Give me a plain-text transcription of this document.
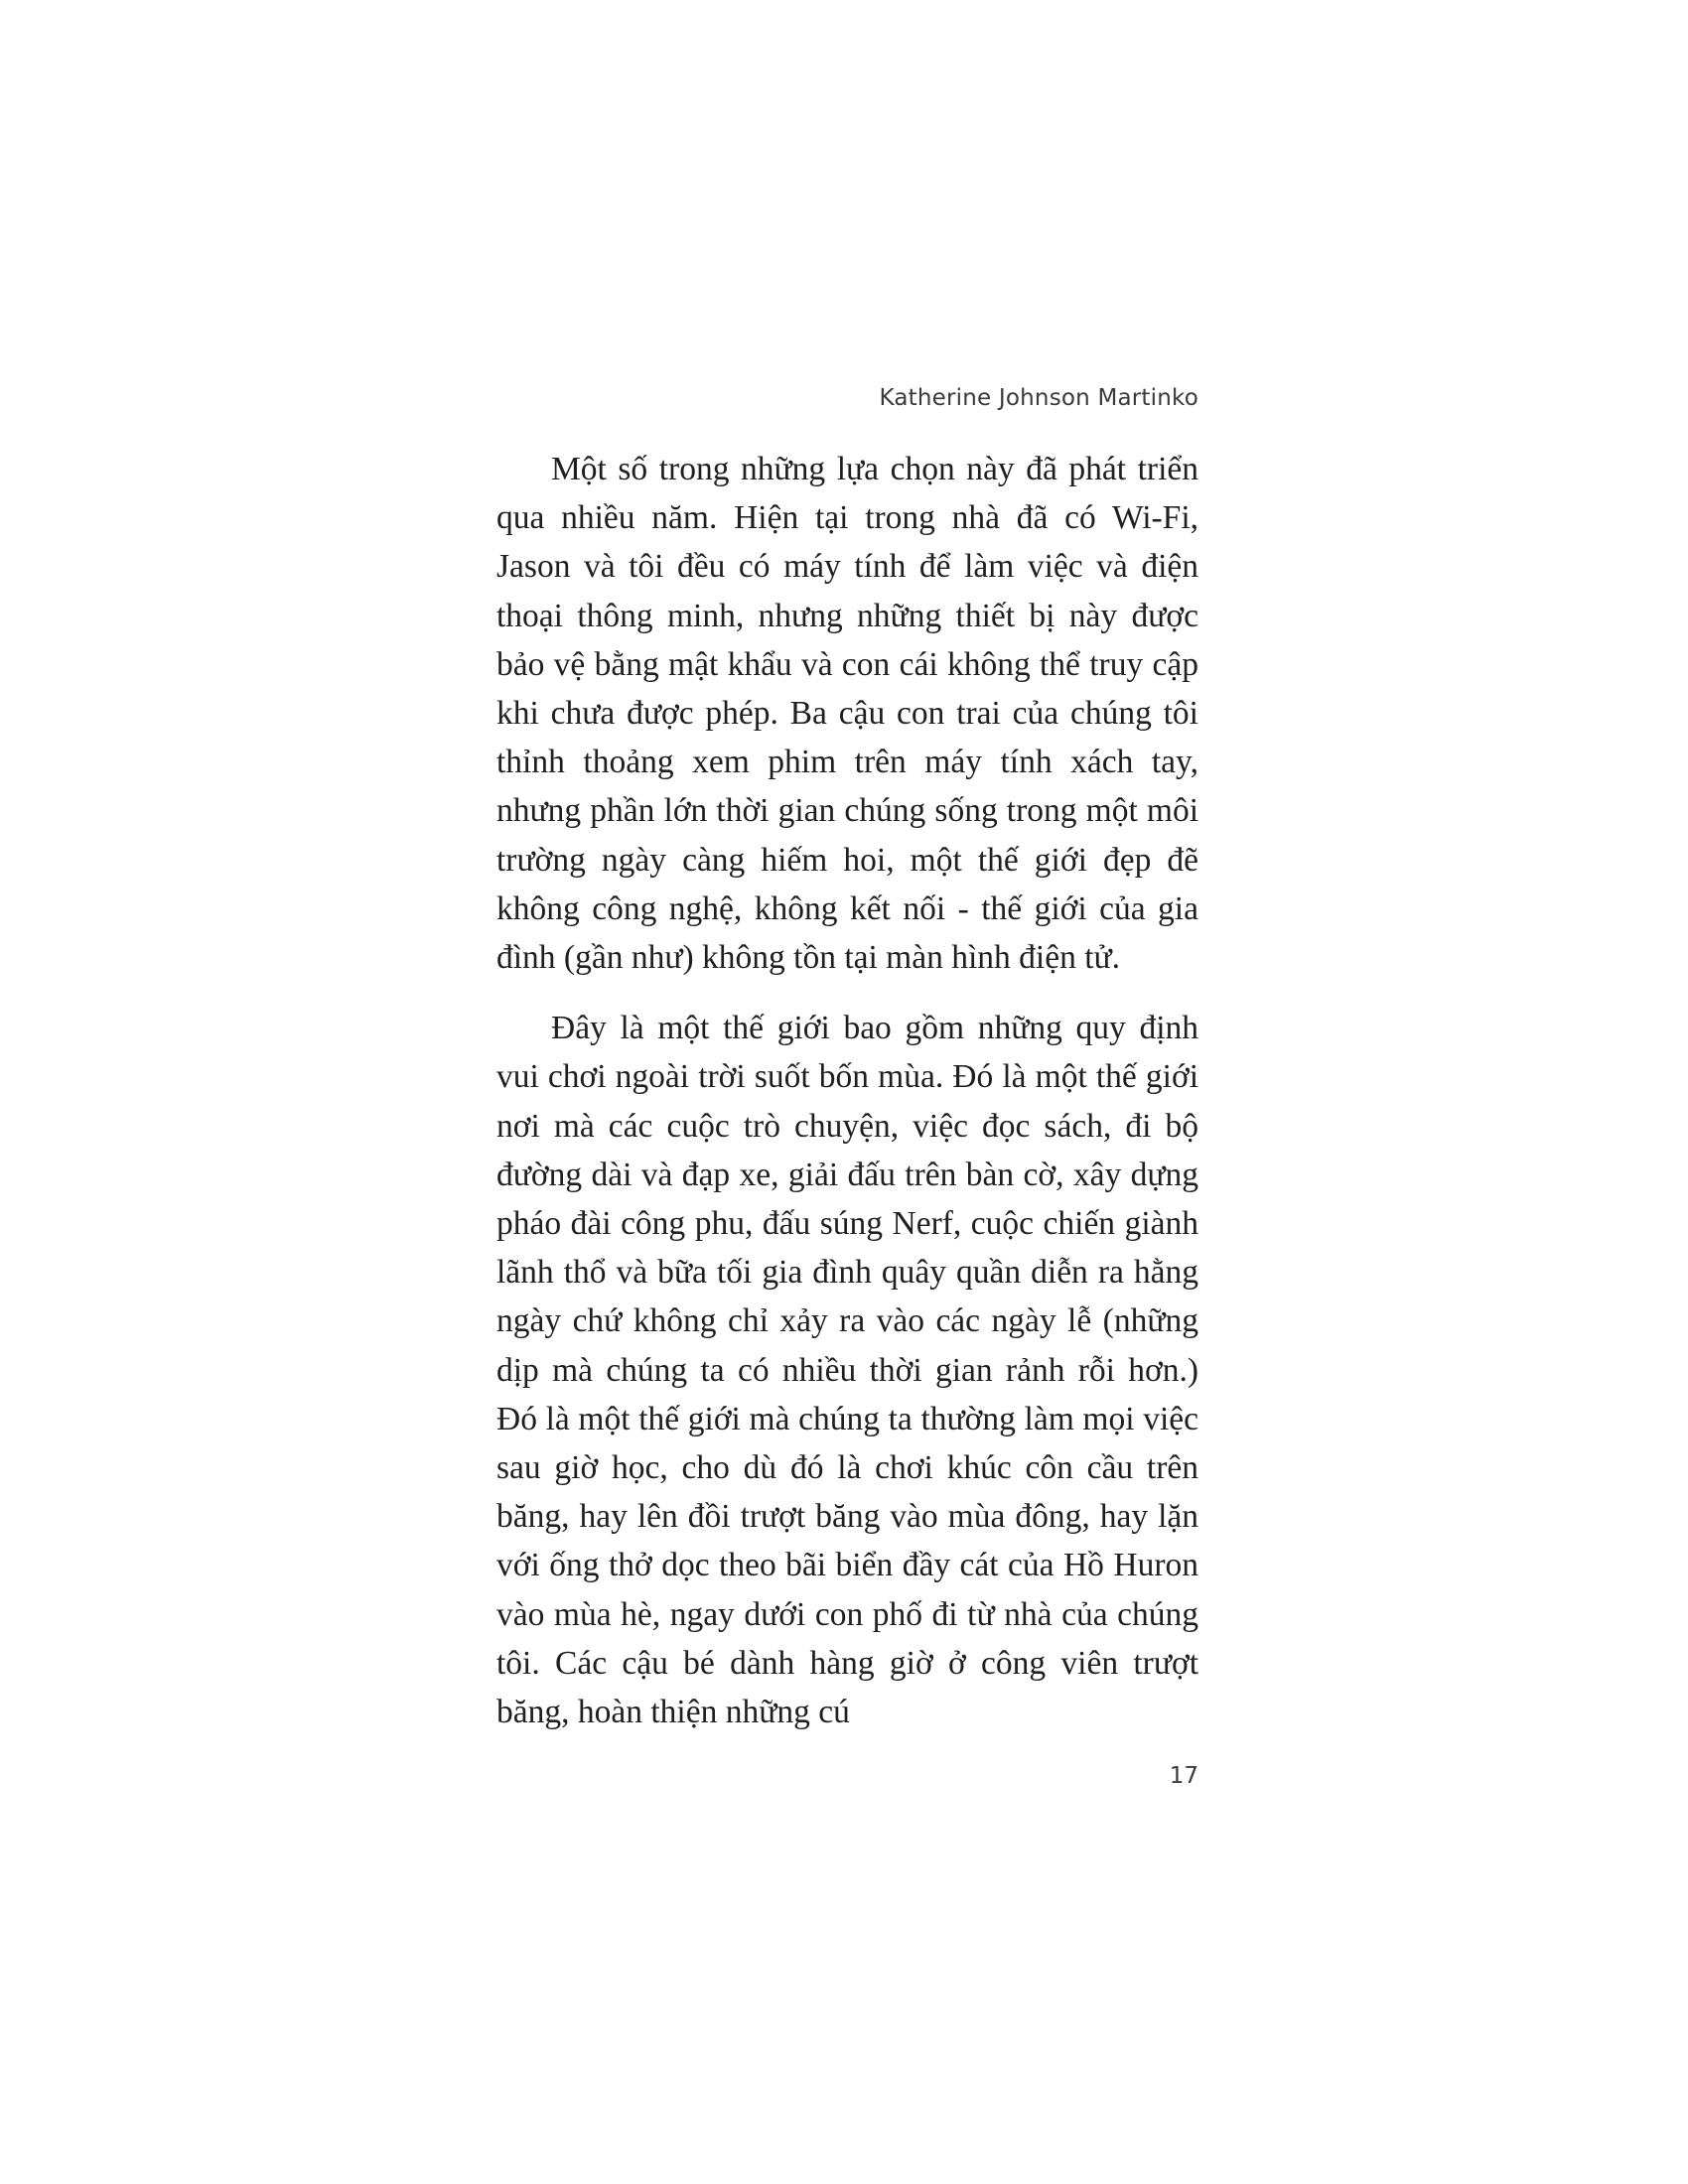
Katherine Johnson Martinko

Một số trong những lựa chọn này đã phát triển qua nhiều năm. Hiện tại trong nhà đã có Wi-Fi, Jason và tôi đều có máy tính để làm việc và điện thoại thông minh, nhưng những thiết bị này được bảo vệ bằng mật khẩu và con cái không thể truy cập khi chưa được phép. Ba cậu con trai của chúng tôi thỉnh thoảng xem phim trên máy tính xách tay, nhưng phần lớn thời gian chúng sống trong một môi trường ngày càng hiếm hoi, một thế giới đẹp đẽ không công nghệ, không kết nối - thế giới của gia đình (gần như) không tồn tại màn hình điện tử.

Đây là một thế giới bao gồm những quy định vui chơi ngoài trời suốt bốn mùa. Đó là một thế giới nơi mà các cuộc trò chuyện, việc đọc sách, đi bộ đường dài và đạp xe, giải đấu trên bàn cờ, xây dựng pháo đài công phu, đấu súng Nerf, cuộc chiến giành lãnh thổ và bữa tối gia đình quây quần diễn ra hằng ngày chứ không chỉ xảy ra vào các ngày lễ (những dịp mà chúng ta có nhiều thời gian rảnh rỗi hơn.) Đó là một thế giới mà chúng ta thường làm mọi việc sau giờ học, cho dù đó là chơi khúc côn cầu trên băng, hay lên đồi trượt băng vào mùa đông, hay lặn với ống thở dọc theo bãi biển đầy cát của Hồ Huron vào mùa hè, ngay dưới con phố đi từ nhà của chúng tôi. Các cậu bé dành hàng giờ ở công viên trượt băng, hoàn thiện những cú

17
